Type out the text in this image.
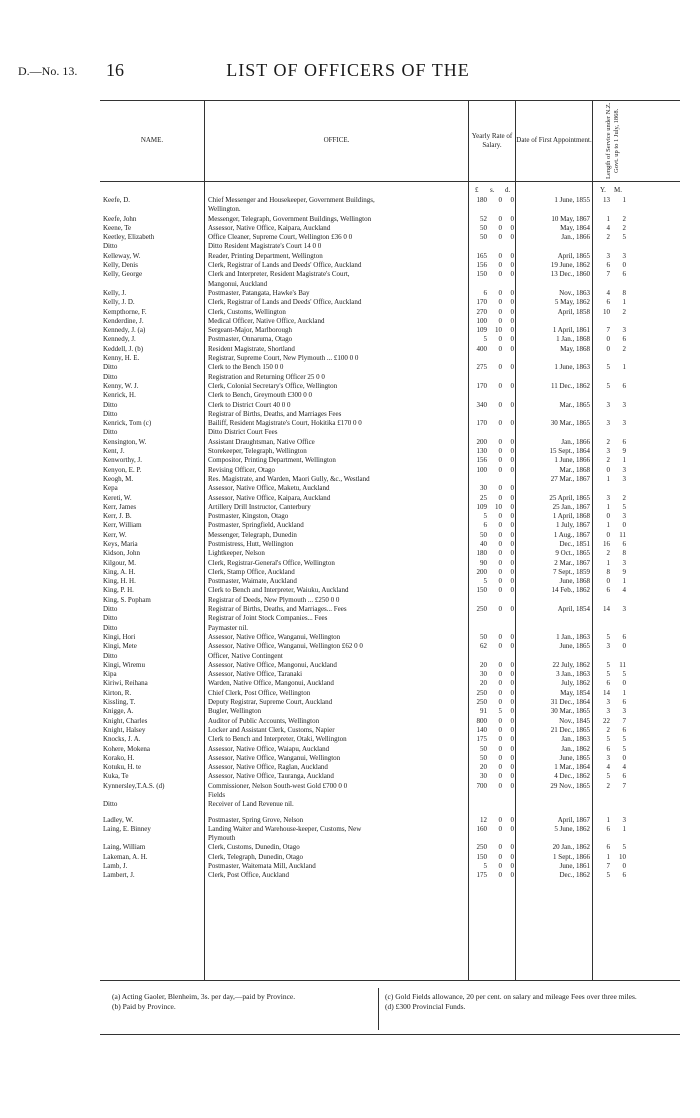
D.—No. 13. 16	LIST OF OFFICERS OF THE
NAME.	OFFICE.
Yearly Rate of Salary.
Date of First Appointment. Length of Service under N.Z. Govt. up to 1 July, 1868.
£ s. d.	Y. M.
Keefe, D.	Chief Messenger and Housekeeper, Government Buildings,	180	0	0	1 June, 1855	13	1
Wellington.
Keefe, John	Messenger, Telegraph, Government Buildings, Wellington	52	0	0	10 May, 1867	1	2
Keene, Te	Assessor, Native Office, Kaipara, Auckland	50	0	0	May, 1864	4	2
Keetley, Elizabeth	Office Cleaner, Supreme Court, Wellington £36 0 0	50	0	0	Jan., 1866	2	5
Ditto	Ditto Resident Magistrate's Court 14 0 0
Kelleway, W.	Reader, Printing Department, Wellington	165	0	0	April, 1865	3	3
Kelly, Denis	Clerk, Registrar of Lands and Deeds' Office, Auckland	156	0	0	19 June, 1862	6	0
Kelly, George	Clerk and Interpreter, Resident Magistrate's Court,	150	0	0	13 Dec., 1860	7	6
Mangonui, Auckland
Kelly, J.	Postmaster, Patangata, Hawke's Bay	6	0	0	Nov., 1863	4	8
Kelly, J. D.	Clerk, Registrar of Lands and Deeds' Office, Auckland	170	0	0	5 May, 1862	6	1
Kempthorne, F.	Clerk, Customs, Wellington	270	0	0	April, 1858	10	2
Kenderdine, J.	Medical Officer, Native Office, Auckland	100	0	0
Kennedy, J. (a)	Sergeant-Major, Marlborough	109	10	0	1 April, 1861	7	3
Kennedy, J.	Postmaster, Onnaruma, Otago	5	0	0	1 Jan., 1868	0	6
Keddell, J. (b)	Resident Magistrate, Shortland	400	0	0	May, 1868	0	2
Kenny, H. E.	Registrar, Supreme Court, New Plymouth ... £100 0 0
Ditto	Clerk to the Bench 150 0 0	275	0	0	1 June, 1863	5	1
Ditto	Registration and Returning Officer 25 0 0
Kenny, W. J.	Clerk, Colonial Secretary's Office, Wellington	170	0	0	11 Dec., 1862	5	6
Kenrick, H.	Clerk to Bench, Greymouth £300 0 0
Ditto	Clerk to District Court 40 0 0	340	0	0	Mar., 1865	3	3
Ditto	Registrar of Births, Deaths, and Marriages Fees
Kenrick, Tom (c)	Bailiff, Resident Magistrate's Court, Hokitika £170 0 0	170	0	0	30 Mar., 1865	3	3
Ditto	Ditto District Court Fees
Kensington, W.	Assistant Draughtsman, Native Office	200	0	0	Jan., 1866	2	6
Kent, J.	Storekeeper, Telegraph, Wellington	130	0	0	15 Sept., 1864	3	9
Kenworthy, J.	Compositor, Printing Department, Wellington	156	0	0	1 June, 1866	2	1
Kenyon, E. P.	Revising Officer, Otago	100	0	0	Mar., 1868	0	3
Keogh, M.	Res. Magistrate, and Warden, Maori Gully, &c., Westland	27 Mar., 1867	1	3
Kepa	Assessor, Native Office, Maketu, Auckland	30	0	0
Kereti, W.	Assessor, Native Office, Kaipara, Auckland	25	0	0	25 April, 1865	3	2
Kerr, James	Artillery Drill Instructor, Canterbury	109	10	0	25 Jan., 1867	1	5
Kerr, J. B.	Postmaster, Kingston, Otago	5	0	0	1 April, 1868	0	3
Kerr, William	Postmaster, Springfield, Auckland	6	0	0	1 July, 1867	1	0
Kerr, W.	Messenger, Telegraph, Dunedin	50	0	0	1 Aug., 1867	0	11
Keys, Maria	Postmistress, Hutt, Wellington	40	0	0	Dec., 1851	16	6
Kidson, John	Lightkeeper, Nelson	180	0	0	9 Oct., 1865	2	8
Kilgour, M.	Clerk, Registrar-General's Office, Wellington	90	0	0	2 Mar., 1867	1	3
King, A. H.	Clerk, Stamp Office, Auckland	200	0	0	7 Sept., 1859	8	9
King, H. H.	Postmaster, Waimate, Auckland	5	0	0	June, 1868	0	1
King, P. H.	Clerk to Bench and Interpreter, Waiuku, Auckland	150	0	0	14 Feb., 1862	6	4
King, S. Popham	Registrar of Deeds, New Plymouth ... £250 0 0
Ditto	Registrar of Births, Deaths, and Marriages... Fees	250	0	0	April, 1854	14	3
Ditto	Registrar of Joint Stock Companies... Fees
Ditto	Paymaster nil.
Kingi, Hori	Assessor, Native Office, Wanganui, Wellington	50	0	0	1 Jan., 1863	5	6
Kingi, Mete	Assessor, Native Office, Wanganui, Wellington £62 0 0	62	0	0	June, 1865	3	0
Ditto	Officer, Native Contingent
Kingi, Wiremu	Assessor, Native Office, Mangonui, Auckland	20	0	0	22 July, 1862	5	11
Kipa	Assessor, Native Office, Taranaki	30	0	0	3 Jan., 1863	5	5
Kiriwi, Reihana	Warden, Native Office, Mangonui, Auckland	20	0	0	July, 1862	6	0
Kirton, R.	Chief Clerk, Post Office, Wellington	250	0	0	May, 1854	14	1
Kissling, T.	Deputy Registrar, Supreme Court, Auckland	250	0	0	31 Dec., 1864	3	6
Knigge, A.	Bugler, Wellington	91	5	0	30 Mar., 1865	3	3
Knight, Charles	Auditor of Public Accounts, Wellington	800	0	0	Nov., 1845	22	7
Knight, Halsey	Locker and Assistant Clerk, Customs, Napier	140	0	0	21 Dec., 1865	2	6
Knocks, J. A.	Clerk to Bench and Interpreter, Otaki, Wellington	175	0	0	Jan., 1863	5	5
Kohere, Mokena	Assessor, Native Office, Waiapu, Auckland	50	0	0	Jan., 1862	6	5
Korako, H.	Assessor, Native Office, Wanganui, Wellington	50	0	0	June, 1865	3	0
Kotuku, H. te	Assessor, Native Office, Raglan, Auckland	20	0	0	1 Mar., 1864	4	4
Kuka, Te	Assessor, Native Office, Tauranga, Auckland	30	0	0	4 Dec., 1862	5	6
Kynnersley,T.A.S. (d)	Commissioner, Nelson South-west Gold £700 0 0	700	0	0	29 Nov., 1865	2	7
Fields
Ditto	Receiver of Land Revenue nil.
Ladley, W.	Postmaster, Spring Grove, Nelson	12	0	0	April, 1867	1	3
Laing, E. Binney	Landing Waiter and Warehouse-keeper, Customs, New	160	0	0	5 June, 1862	6	1
Plymouth
Laing, William	Clerk, Customs, Dunedin, Otago	250	0	0	20 Jan., 1862	6	5
Lakeman, A. H.	Clerk, Telegraph, Dunedin, Otago	150	0	0	1 Sept., 1866	1	10
Lamb, J.	Postmaster, Waitemata Mill, Auckland	5	0	0	June, 1861	7	0
Lambert, J.	Clerk, Post Office, Auckland	175	0	0	Dec., 1862	5	6
(a) Acting Gaoler, Blenheim, 3s. per day,—paid by Province.
(b) Paid by Province.
(c) Gold Fields allowance, 20 per cent. on salary and mileage Fees over three miles.
(d) £300 Provincial Funds.
